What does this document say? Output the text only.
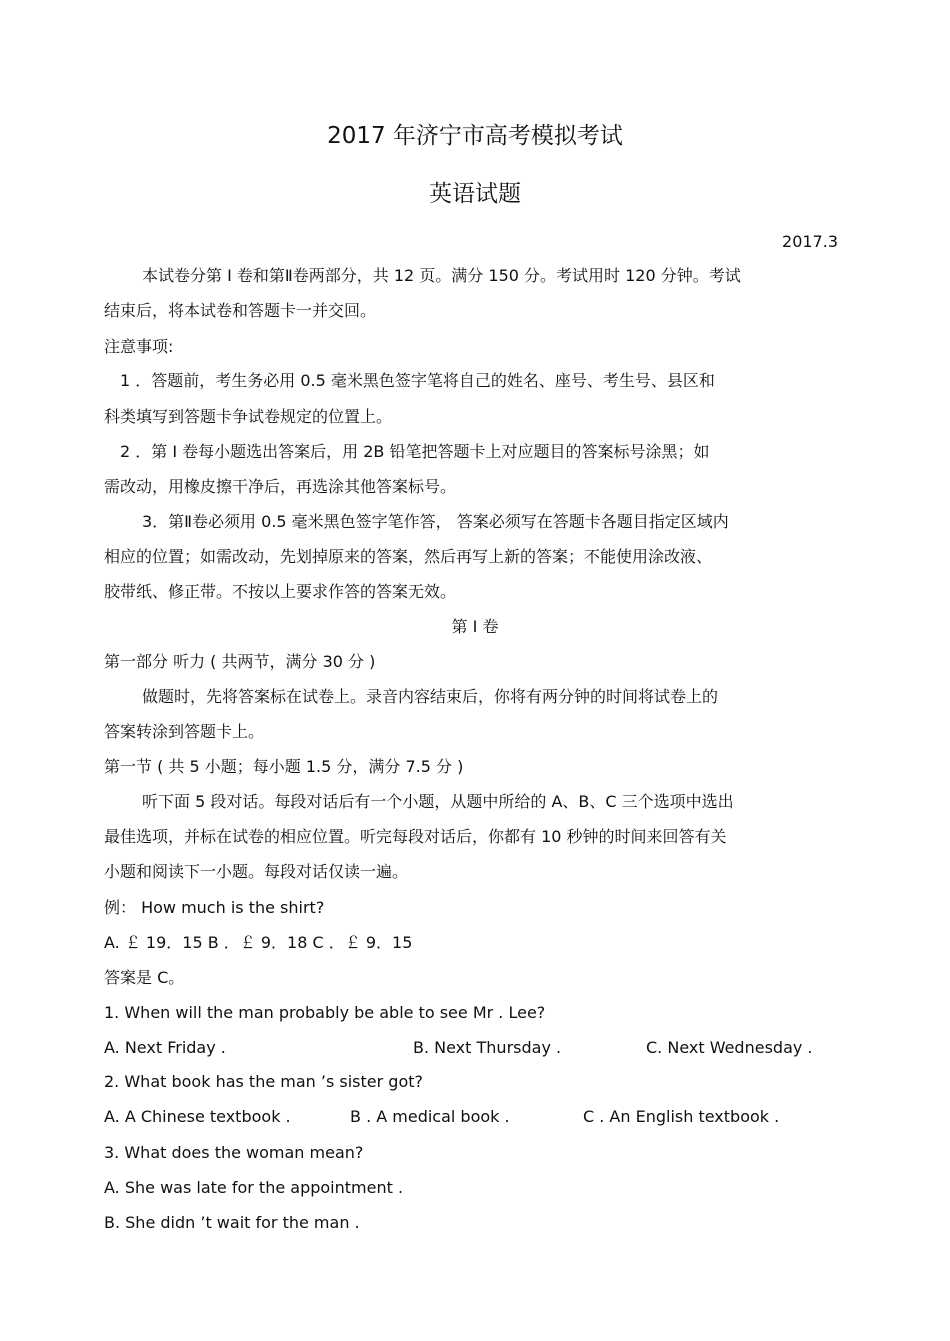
2017 年济宁市高考模拟考试
英语试题
2017.3
本试卷分第 Ⅰ 卷和第Ⅱ卷两部分，共 12 页。满分 150 分。考试用时 120 分钟。考试
结束后，将本试卷和答题卡一并交回。
注意事项:
1 ．答题前，考生务必用 0.5 毫米黑色签字笔将自己的姓名、座号、考生号、县区和
科类填写到答题卡争试卷规定的位置上。
2 ．第 Ⅰ 卷每小题选出答案后，用 2B 铅笔把答题卡上对应题目的答案标号涂黑；如
需改动，用橡皮擦干净后，再选涂其他答案标号。
3．第Ⅱ卷必须用 0.5 毫米黑色签字笔作答， 答案必须写在答题卡各题目指定区域内
相应的位置；如需改动，先划掉原来的答案，然后再写上新的答案；不能使用涂改液、
胶带纸、修正带。不按以上要求作答的答案无效。
第 Ⅰ 卷
第一部分 听力 ( 共两节，满分 30 分 )
做题时，先将答案标在试卷上。录音内容结束后，你将有两分钟的时间将试卷上的
答案转涂到答题卡上。
第一节 ( 共 5 小题；每小题 1.5 分，满分 7.5 分 )
听下面 5 段对话。每段对话后有一个小题，从题中所给的 A、B、C 三个选项中选出
最佳选项，并标在试卷的相应位置。听完每段对话后，你都有 10 秒钟的时间来回答有关
小题和阅读下一小题。每段对话仅读一遍。
例： How much is the shirt?
A. ￡ 19．15 B ．￡ 9．18 C ．￡ 9．15
答案是 C。
1. When will the man probably be able to see Mr . Lee?
A. Next Friday .	B. Next Thursday .	C. Next Wednesday .
2. What book has the man ’s sister got?
A. A Chinese textbook .	B . A medical book .	C . An English textbook .
3. What does the woman mean?
A. She was late for the appointment .
B. She didn ’t wait for the man .
